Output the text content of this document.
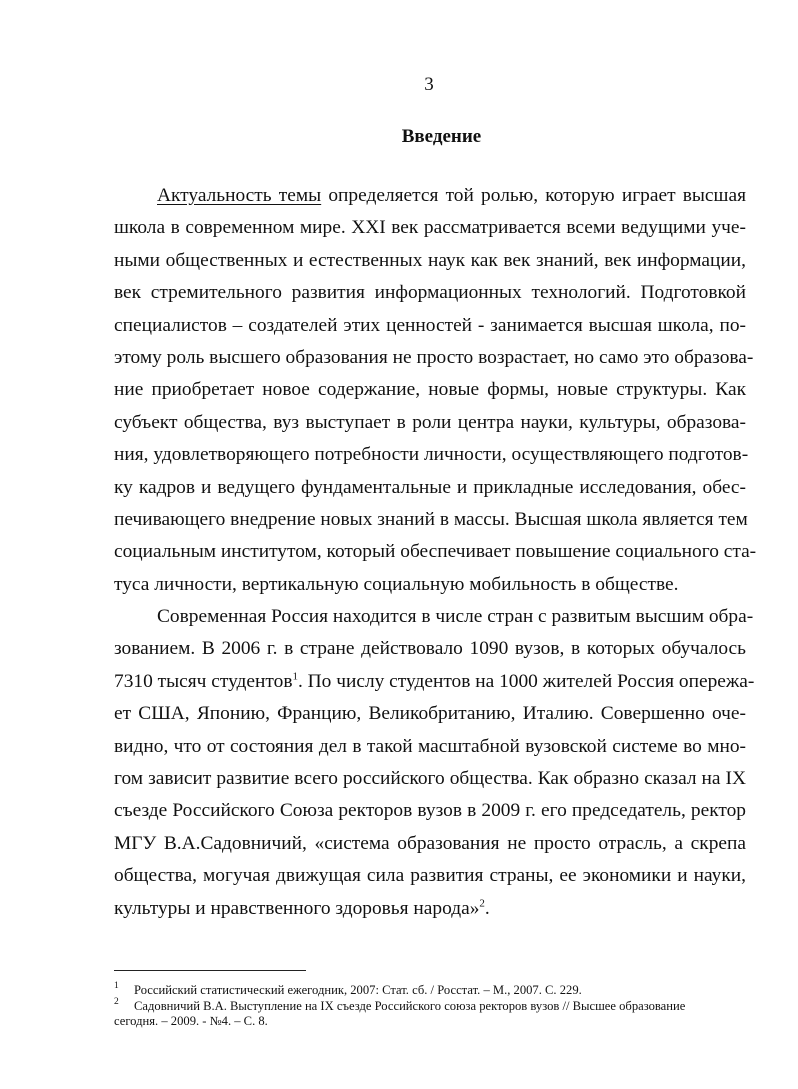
3
Введение
Актуальность темы определяется той ролью, которую играет высшая
школа в современном мире. XXI век рассматривается всеми ведущими уче-
ными общественных и естественных наук как век знаний, век информации,
век стремительного развития информационных технологий. Подготовкой
специалистов – создателей этих ценностей - занимается высшая школа, по-
этому роль высшего образования не просто возрастает, но само это образова-
ние приобретает новое содержание, новые формы, новые структуры. Как
субъект общества, вуз выступает в роли центра науки, культуры, образова-
ния, удовлетворяющего потребности личности, осуществляющего подготов-
ку кадров и ведущего фундаментальные и прикладные исследования, обес-
печивающего внедрение новых знаний в массы. Высшая школа является тем
социальным институтом, который обеспечивает повышение социального ста-
туса личности, вертикальную социальную мобильность в обществе.
Современная Россия находится в числе стран с развитым высшим обра-
зованием. В 2006 г. в стране действовало 1090 вузов, в которых обучалось
7310 тысяч студентов$^1$. По числу студентов на 1000 жителей Россия опережа-
ет США, Японию, Францию, Великобританию, Италию. Совершенно оче-
видно, что от состояния дел в такой масштабной вузовской системе во мно-
гом зависит развитие всего российского общества. Как образно сказал на IX
съезде Российского Союза ректоров вузов в 2009 г. его председатель, ректор
МГУ В.А.Садовничий, «система образования не просто отрасль, а скрепа
общества, могучая движущая сила развития страны, ее экономики и науки,
культуры и нравственного здоровья народа»$^2$.
1 Российский статистический ежегодник, 2007: Стат. сб. / Росстат. – М., 2007. С. 229.
2 Садовничий В.А. Выступление на IX съезде Российского союза ректоров вузов // Высшее образование
сегодня. – 2009. - №4. – С. 8.
